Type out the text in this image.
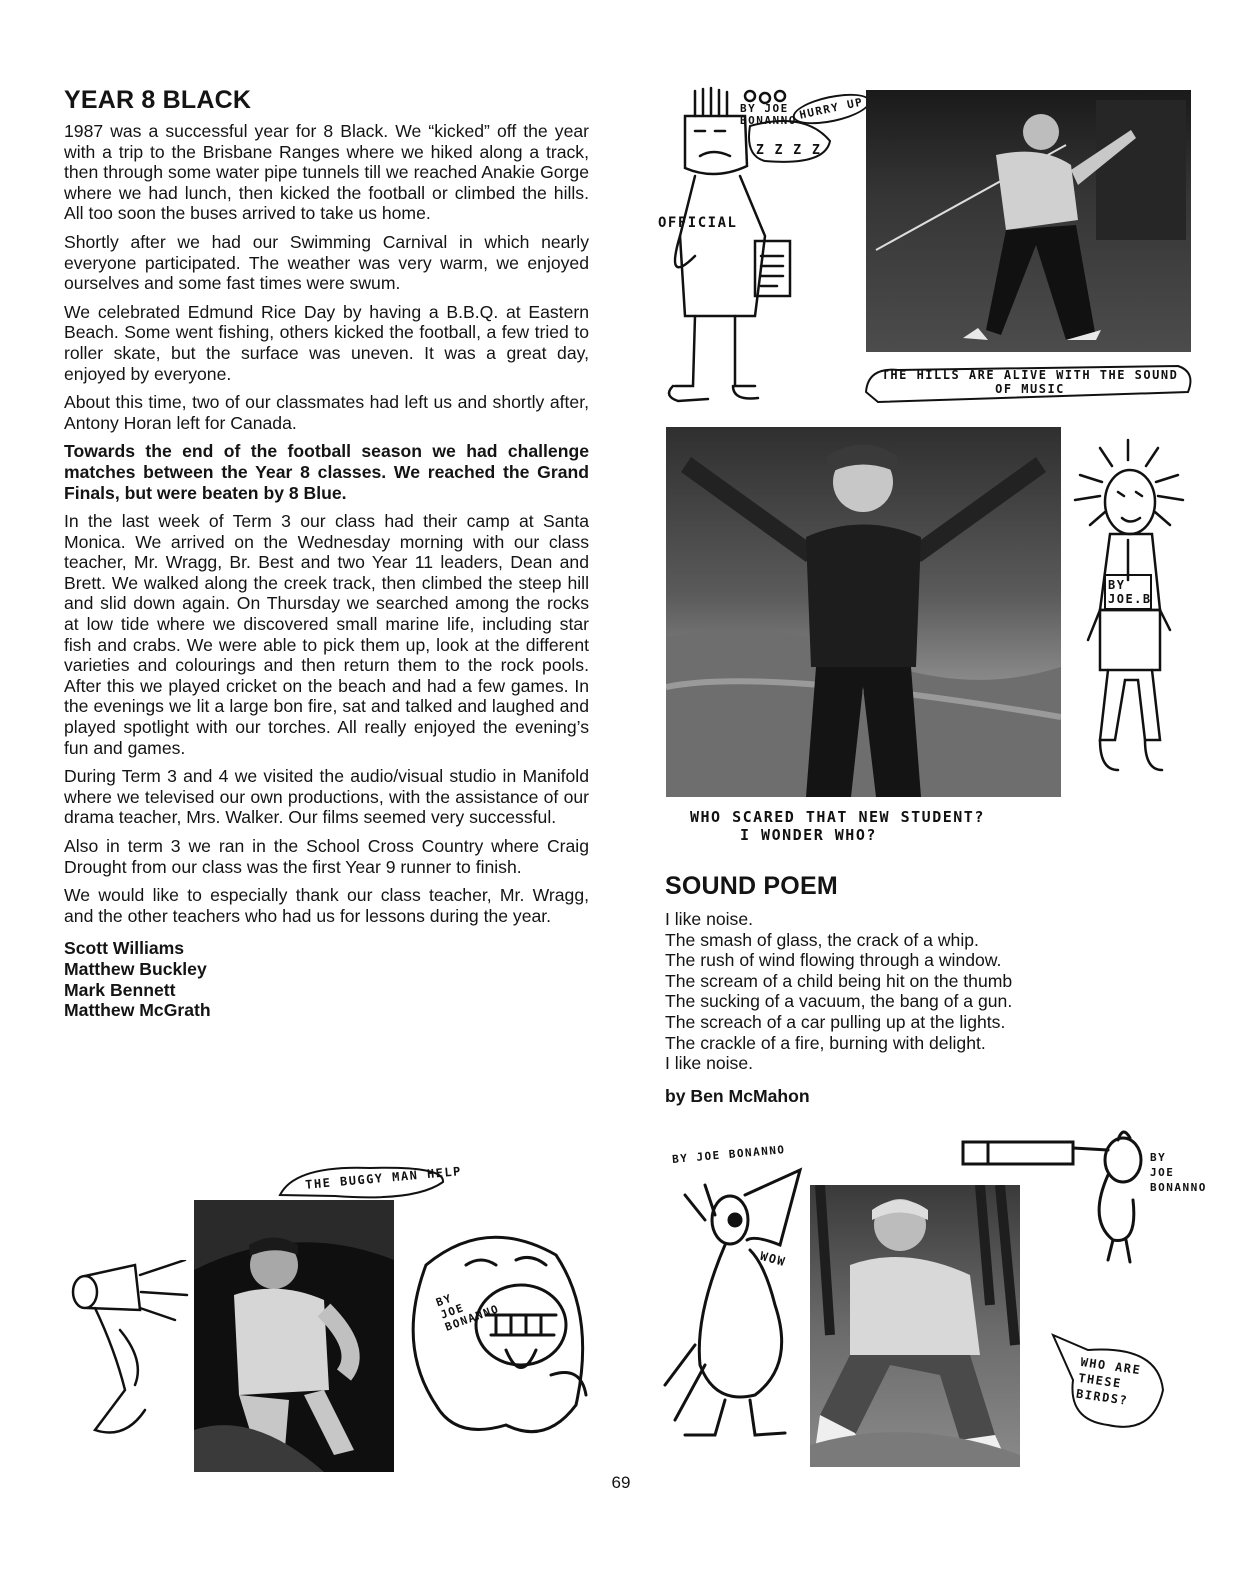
YEAR 8 BLACK

1987 was a successful year for 8 Black. We “kicked” off the year with a trip to the Brisbane Ranges where we hiked along a track, then through some water pipe tunnels till we reached Anakie Gorge where we had lunch, then kicked the football or climbed the hills. All too soon the buses arrived to take us home.

Shortly after we had our Swimming Carnival in which nearly everyone participated. The weather was very warm, we enjoyed ourselves and some fast times were swum.

We celebrated Edmund Rice Day by having a B.B.Q. at Eastern Beach. Some went fishing, others kicked the football, a few tried to roller skate, but the surface was uneven. It was a great day, enjoyed by everyone.

About this time, two of our classmates had left us and shortly after, Antony Horan left for Canada.

Towards the end of the football season we had challenge matches between the Year 8 classes. We reached the Grand Finals, but were beaten by 8 Blue.

In the last week of Term 3 our class had their camp at Santa Monica. We arrived on the Wednesday morning with our class teacher, Mr. Wragg, Br. Best and two Year 11 leaders, Dean and Brett. We walked along the creek track, then climbed the steep hill and slid down again. On Thursday we searched among the rocks at low tide where we discovered small marine life, including star fish and crabs. We were able to pick them up, look at the different varieties and colourings and then return them to the rock pools. After this we played cricket on the beach and had a few games. In the evenings we lit a large bon fire, sat and talked and laughed and played spotlight with our torches. All really enjoyed the evening’s fun and games.

During Term 3 and 4 we visited the audio/visual studio in Manifold where we televised our own productions, with the assistance of our drama teacher, Mrs. Walker. Our films seemed very successful.

Also in term 3 we ran in the School Cross Country where Craig Drought from our class was the first Year 9 runner to finish.

We would like to especially thank our class teacher, Mr. Wragg, and the other teachers who had us for lessons during the year.

Scott Williams
Matthew Buckley
Mark Bennett
Matthew McGrath
BY JOE BONANNO HURRY UP
Z Z Z Z
OFFICIAL
THE HILLS ARE ALIVE WITH THE SOUND OF MUSIC
BY JOE.B
WHO SCARED THAT NEW STUDENT?
I WONDER WHO?
SOUND POEM
I like noise.
The smash of glass, the crack of a whip.
The rush of wind flowing through a window.
The scream of a child being hit on the thumb
The sucking of a vacuum, the bang of a gun.
The screach of a car pulling up at the lights.
The crackle of a fire, burning with delight.
I like noise.
by Ben McMahon
THE BUGGY MAN HELP
BY JOE BONANNO
BY JOE BONANNO
WOW
BY JOE BONANNO
WHO ARE THESE BIRDS?
69
